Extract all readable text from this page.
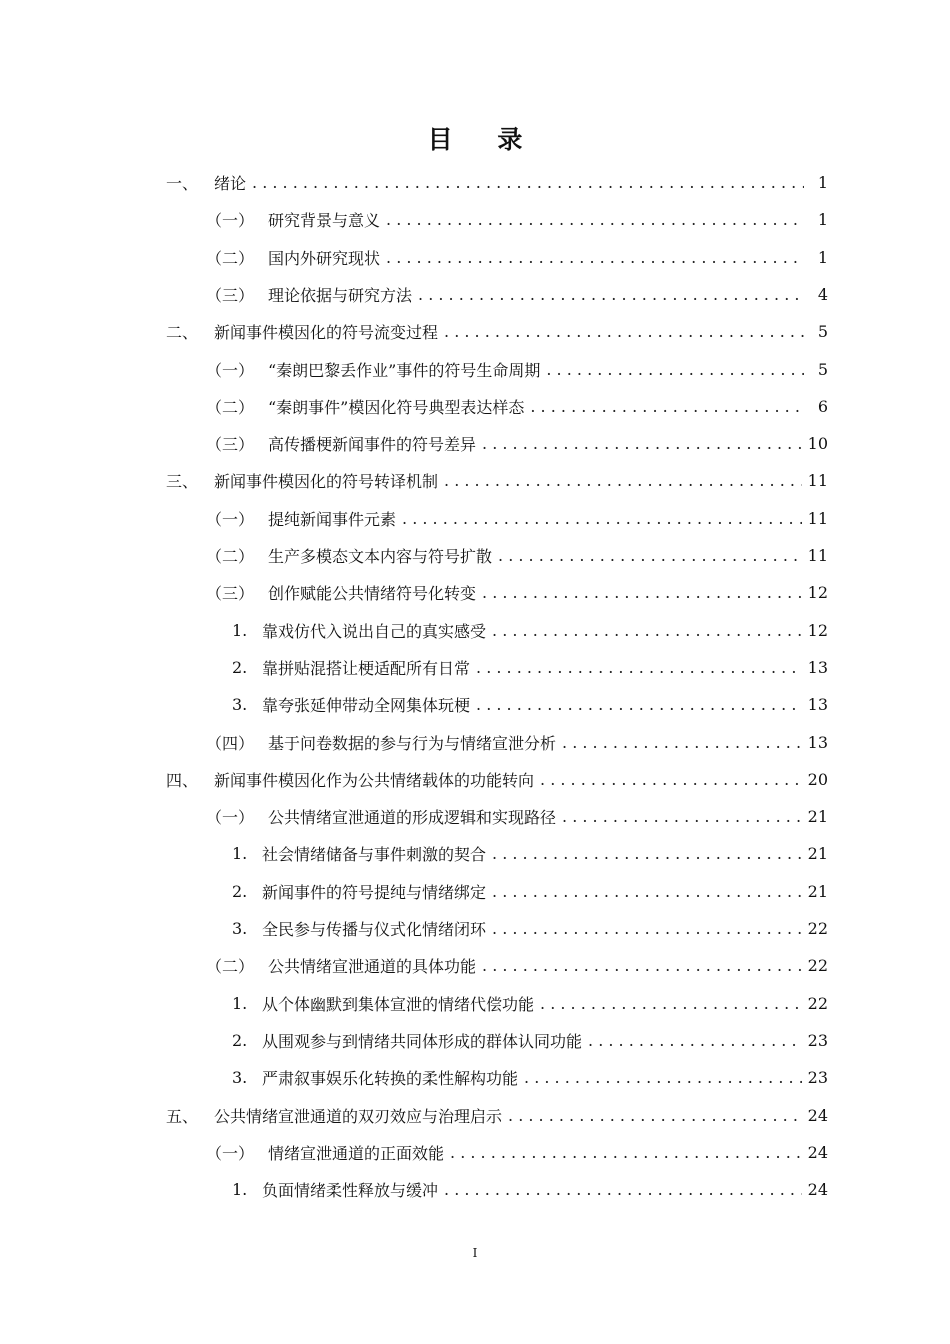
目 录
一、 绪论 . . .	1
（一） 研究背景与意义 . . .	1
（二） 国内外研究现状 . . .	1
（三） 理论依据与研究方法 . . .	4
二、 新闻事件模因化的符号流变过程 . . .	5
（一） “秦朗巴黎丢作业”事件的符号生命周期 . . .	5
（二） “秦朗事件”模因化符号典型表达样态 . . .	6
（三） 高传播梗新闻事件的符号差异 . . .	10
三、 新闻事件模因化的符号转译机制 . . .	11
（一） 提纯新闻事件元素 . . .	11
（二） 生产多模态文本内容与符号扩散 . . .	11
（三） 创作赋能公共情绪符号化转变 . . .	12
1. 靠戏仿代入说出自己的真实感受 . . .	12
2. 靠拼贴混搭让梗适配所有日常 . . .	13
3. 靠夸张延伸带动全网集体玩梗 . . .	13
（四） 基于问卷数据的参与行为与情绪宣泄分析 . . .	13
四、 新闻事件模因化作为公共情绪载体的功能转向 . . .	20
（一） 公共情绪宣泄通道的形成逻辑和实现路径 . . .	21
1. 社会情绪储备与事件刺激的契合 . . .	21
2. 新闻事件的符号提纯与情绪绑定 . . .	21
3. 全民参与传播与仪式化情绪闭环 . . .	22
（二） 公共情绪宣泄通道的具体功能 . . .	22
1. 从个体幽默到集体宣泄的情绪代偿功能 . . .	22
2. 从围观参与到情绪共同体形成的群体认同功能 . . .	23
3. 严肃叙事娱乐化转换的柔性解构功能 . . .	23
五、 公共情绪宣泄通道的双刃效应与治理启示 . . .	24
（一） 情绪宣泄通道的正面效能 . . .	24
1. 负面情绪柔性释放与缓冲 . . .	24
I
